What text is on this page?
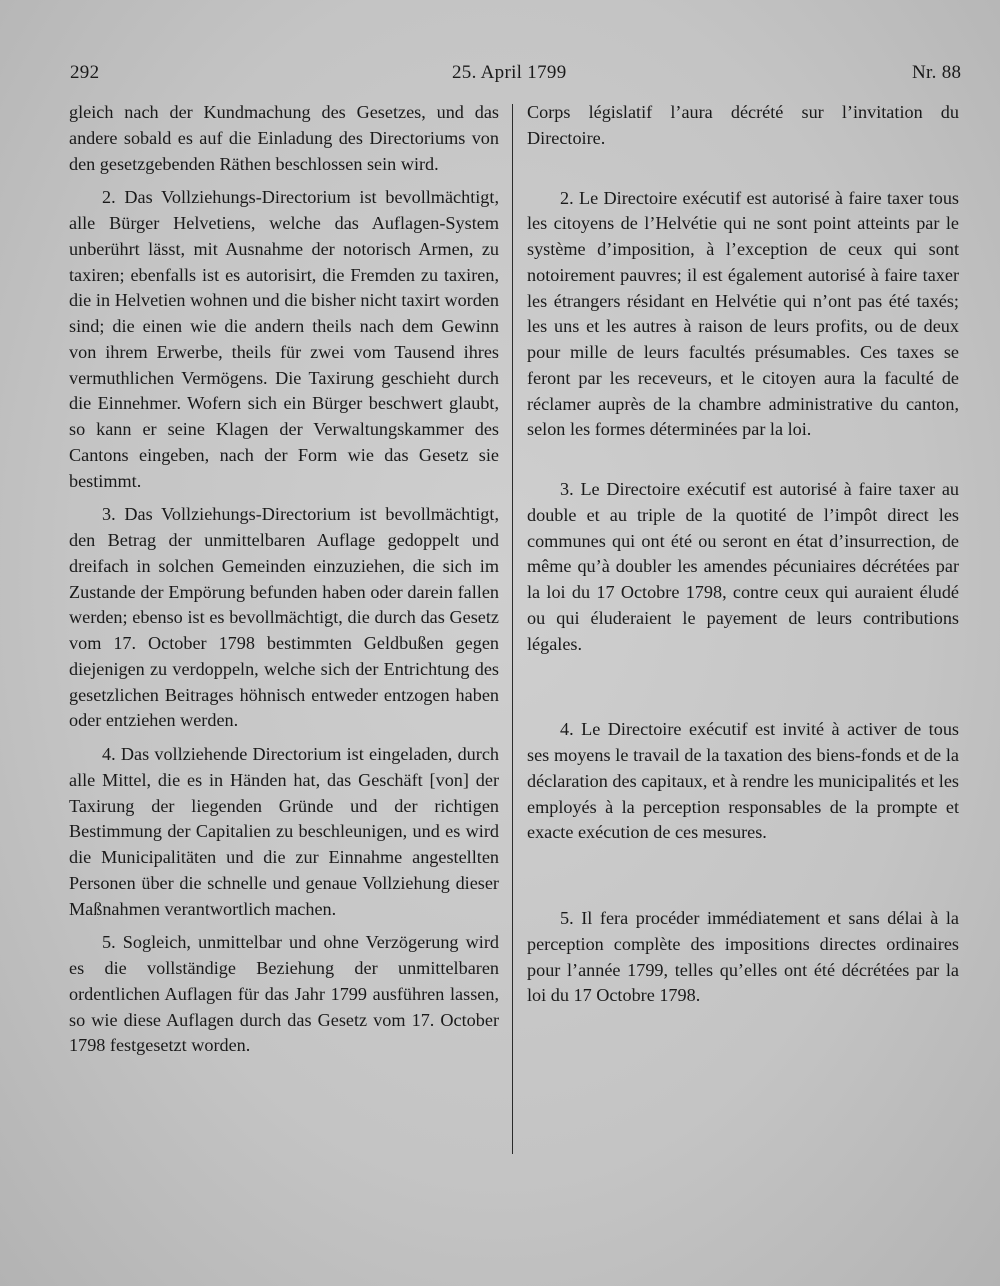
292	25. April 1799	Nr. 88

gleich nach der Kundmachung des Gesetzes, und das andere sobald es auf die Einladung des Directoriums von den gesetzgebenden Räthen beschlossen sein wird.

2. Das Vollziehungs-Directorium ist bevollmächtigt, alle Bürger Helvetiens, welche das Auflagen-System unberührt lässt, mit Ausnahme der notorisch Armen, zu taxiren; ebenfalls ist es autorisirt, die Fremden zu taxiren, die in Helvetien wohnen und die bisher nicht taxirt worden sind; die einen wie die andern theils nach dem Gewinn von ihrem Erwerbe, theils für zwei vom Tausend ihres vermuthlichen Vermögens. Die Taxirung geschieht durch die Einnehmer. Wofern sich ein Bürger beschwert glaubt, so kann er seine Klagen der Verwaltungskammer des Cantons eingeben, nach der Form wie das Gesetz sie bestimmt.

3. Das Vollziehungs-Directorium ist bevollmächtigt, den Betrag der unmittelbaren Auflage gedoppelt und dreifach in solchen Gemeinden einzuziehen, die sich im Zustande der Empörung befunden haben oder darein fallen werden; ebenso ist es bevollmächtigt, die durch das Gesetz vom 17. October 1798 bestimmten Geldbußen gegen diejenigen zu verdoppeln, welche sich der Entrichtung des gesetzlichen Beitrages höhnisch entweder entzogen haben oder entziehen werden.

4. Das vollziehende Directorium ist eingeladen, durch alle Mittel, die es in Händen hat, das Geschäft [von] der Taxirung der liegenden Gründe und der richtigen Bestimmung der Capitalien zu beschleunigen, und es wird die Municipalitäten und die zur Einnahme angestellten Personen über die schnelle und genaue Vollziehung dieser Maßnahmen verantwortlich machen.

5. Sogleich, unmittelbar und ohne Verzögerung wird es die vollständige Beziehung der unmittelbaren ordentlichen Auflagen für das Jahr 1799 ausführen lassen, so wie diese Auflagen durch das Gesetz vom 17. October 1798 festgesetzt worden.

Corps législatif l’aura décrété sur l’invitation du Directoire.

2. Le Directoire exécutif est autorisé à faire taxer tous les citoyens de l’Helvétie qui ne sont point atteints par le système d’imposition, à l’exception de ceux qui sont notoirement pauvres; il est également autorisé à faire taxer les étrangers résidant en Helvétie qui n’ont pas été taxés; les uns et les autres à raison de leurs profits, ou de deux pour mille de leurs facultés présumables. Ces taxes se feront par les receveurs, et le citoyen aura la faculté de réclamer auprès de la chambre administrative du canton, selon les formes déterminées par la loi.

3. Le Directoire exécutif est autorisé à faire taxer au double et au triple de la quotité de l’impôt direct les communes qui ont été ou seront en état d’insurrection, de même qu’à doubler les amendes pécuniaires décrétées par la loi du 17 Octobre 1798, contre ceux qui auraient éludé ou qui éluderaient le payement de leurs contributions légales.

4. Le Directoire exécutif est invité à activer de tous ses moyens le travail de la taxation des biens-fonds et de la déclaration des capitaux, et à rendre les municipalités et les employés à la perception responsables de la prompte et exacte exécution de ces mesures.

5. Il fera procéder immédiatement et sans délai à la perception complète des impositions directes ordinaires pour l’année 1799, telles qu’elles ont été décrétées par la loi du 17 Octobre 1798.
